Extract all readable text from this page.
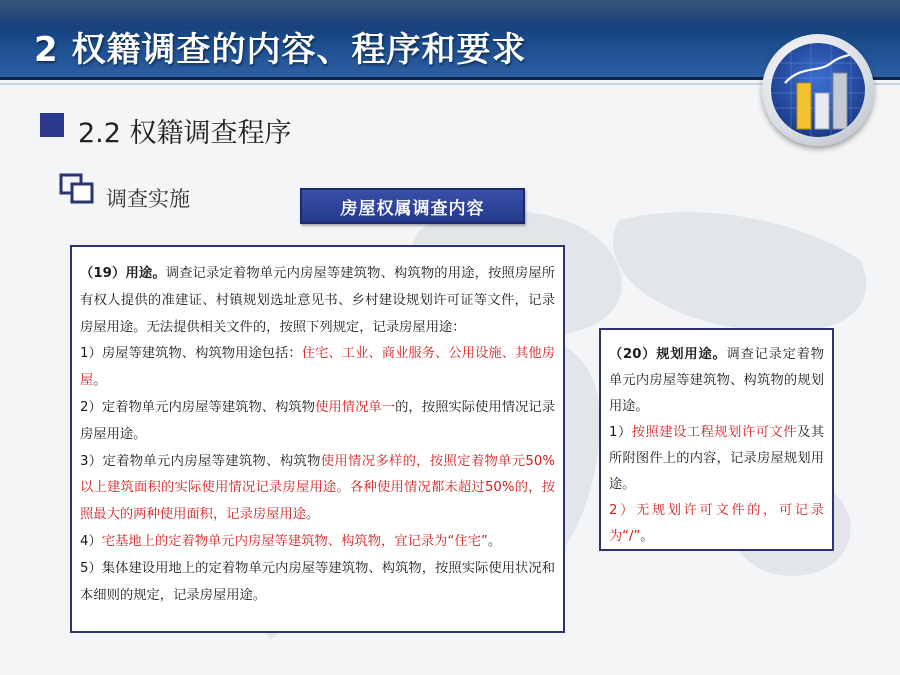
2 权籍调查的内容、程序和要求
2.2 权籍调查程序
调查实施	房屋权属调查内容

（19）用途。调查记录定着物单元内房屋等建筑物、构筑物的用途，按照房屋所有权人提供的准建证、村镇规划选址意见书、乡村建设规划许可证等文件，记录房屋用途。无法提供相关文件的，按照下列规定，记录房屋用途：

1）房屋等建筑物、构筑物用途包括：住宅、工业、商业服务、公用设施、其他房屋。

2）定着物单元内房屋等建筑物、构筑物使用情况单一的，按照实际使用情况记录房屋用途。

3）定着物单元内房屋等建筑物、构筑物使用情况多样的，按照定着物单元50%以上建筑面积的实际使用情况记录房屋用途。各种使用情况都未超过50%的，按照最大的两种使用面积，记录房屋用途。

4）宅基地上的定着物单元内房屋等建筑物、构筑物，宜记录为“住宅”。

5）集体建设用地上的定着物单元内房屋等建筑物、构筑物，按照实际使用状况和本细则的规定，记录房屋用途。

（20）规划用途。调查记录定着物单元内房屋等建筑物、构筑物的规划用途。

1）按照建设工程规划许可文件及其所附图件上的内容，记录房屋规划用途。

2）无规划许可文件的，可记录为“/”。
